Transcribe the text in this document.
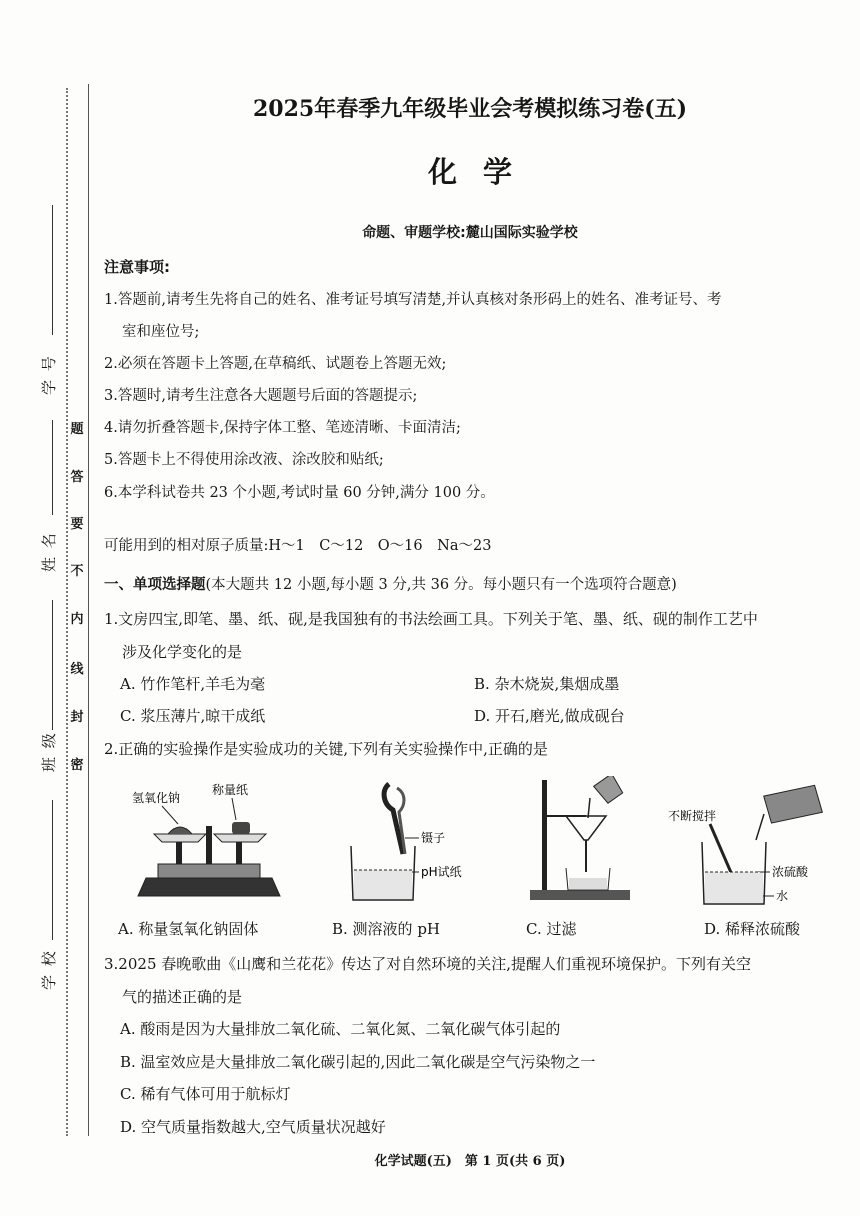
学 号
姓 名
班 级
学 校
密
封
线
内
不
要
答
题
2025年春季九年级毕业会考模拟练习卷(五)
化学
命题、审题学校:麓山国际实验学校
注意事项:
1.答题前,请考生先将自己的姓名、准考证号填写清楚,并认真核对条形码上的姓名、准考证号、考
室和座位号;
2.必须在答题卡上答题,在草稿纸、试题卷上答题无效;
3.答题时,请考生注意各大题题号后面的答题提示;
4.请勿折叠答题卡,保持字体工整、笔迹清晰、卡面清洁;
5.答题卡上不得使用涂改液、涂改胶和贴纸;
6.本学科试卷共 23 个小题,考试时量 60 分钟,满分 100 分。
可能用到的相对原子质量:H～1　C～12　O～16　Na～23
一、单项选择题(本大题共 12 小题,每小题 3 分,共 36 分。每小题只有一个选项符合题意)
1.文房四宝,即笔、墨、纸、砚,是我国独有的书法绘画工具。下列关于笔、墨、纸、砚的制作工艺中
涉及化学变化的是
A. 竹作笔杆,羊毛为毫	B. 杂木烧炭,集烟成墨
C. 浆压薄片,晾干成纸	D. 开石,磨光,做成砚台
2.正确的实验操作是实验成功的关键,下列有关实验操作中,正确的是
氢氧化钠
称量纸
镊子
pH试纸
不断搅拌
浓硫酸
水
A. 称量氢氧化钠固体	B. 测溶液的 pH	C. 过滤	D. 稀释浓硫酸
3.2025 春晚歌曲《山鹰和兰花花》传达了对自然环境的关注,提醒人们重视环境保护。下列有关空
气的描述正确的是
A. 酸雨是因为大量排放二氧化硫、二氧化氮、二氧化碳气体引起的
B. 温室效应是大量排放二氧化碳引起的,因此二氧化碳是空气污染物之一
C. 稀有气体可用于航标灯
D. 空气质量指数越大,空气质量状况越好
化学试题(五)　第 1 页(共 6 页)
